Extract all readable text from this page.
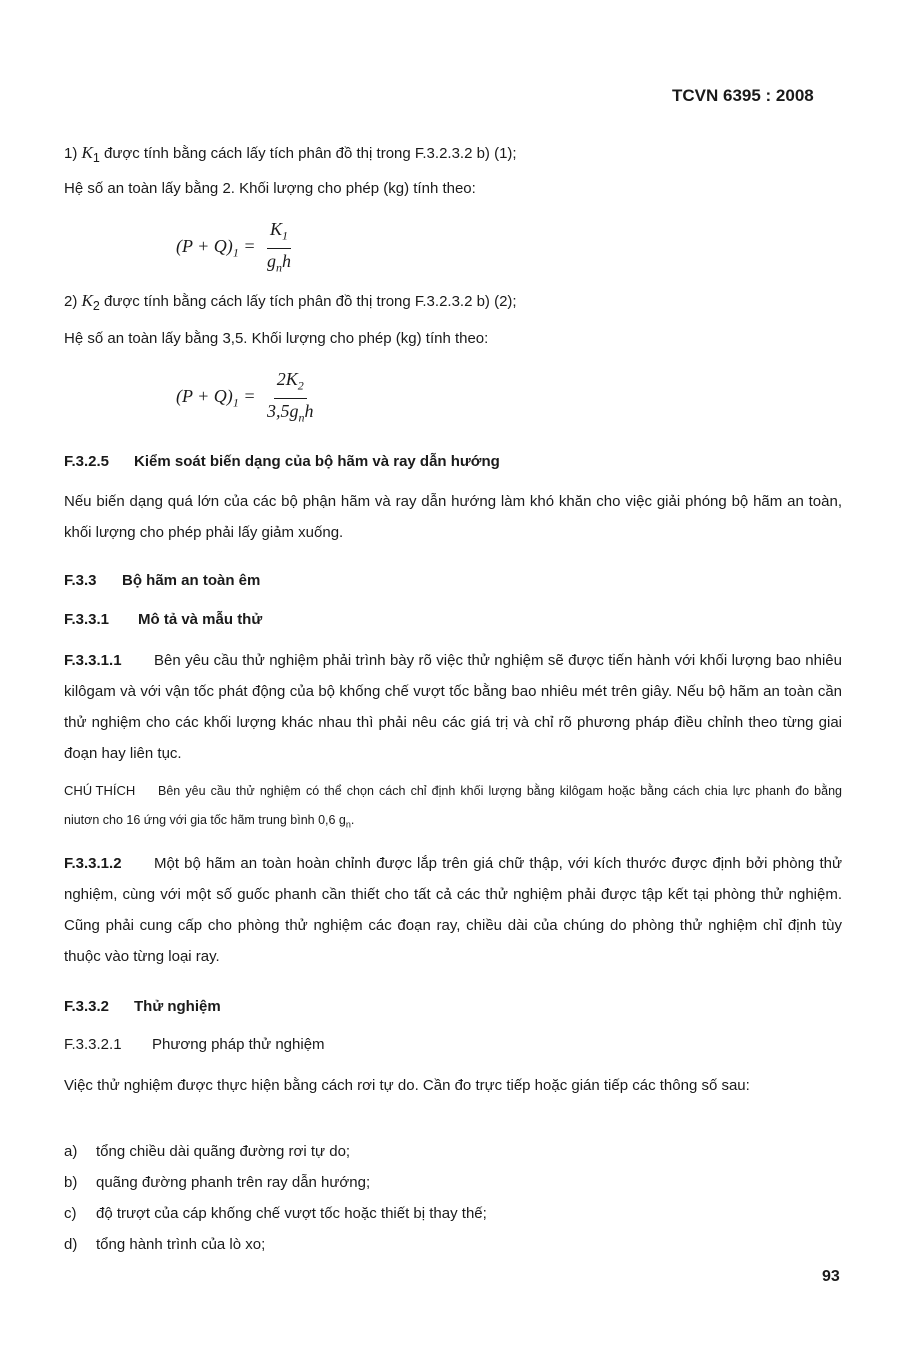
TCVN 6395 : 2008
1) $K_1$ được tính bằng cách lấy tích phân đồ thị trong F.3.2.3.2 b) (1);
Hệ số an toàn lấy bằng 2. Khối lượng cho phép (kg) tính theo:
$(P + Q)_1 = \frac{K_1}{g_nh}$
2) $K_2$ được tính bằng cách lấy tích phân đồ thị trong F.3.2.3.2 b) (2);
Hệ số an toàn lấy bằng 3,5. Khối lượng cho phép (kg) tính theo:
$(P + Q)_1 = \frac{2K_2}{3,5g_nh}$
F.3.2.5 Kiểm soát biến dạng của bộ hãm và ray dẫn hướng
Nếu biến dạng quá lớn của các bộ phận hãm và ray dẫn hướng làm khó khăn cho việc giải phóng bộ hãm an toàn, khối lượng cho phép phải lấy giảm xuống.
F.3.3 Bộ hãm an toàn êm
F.3.3.1 Mô tả và mẫu thử
F.3.3.1.1 Bên yêu cầu thử nghiệm phải trình bày rõ việc thử nghiệm sẽ được tiến hành với khối lượng bao nhiêu kilôgam và với vận tốc phát động của bộ khống chế vượt tốc bằng bao nhiêu mét trên giây. Nếu bộ hãm an toàn cần thử nghiệm cho các khối lượng khác nhau thì phải nêu các giá trị và chỉ rõ phương pháp điều chỉnh theo từng giai đoạn hay liên tục.
CHÚ THÍCH Bên yêu cầu thử nghiệm có thể chọn cách chỉ định khối lượng bằng kilôgam hoặc bằng cách chia lực phanh đo bằng niutơn cho 16 ứng với gia tốc hãm trung bình 0,6 $g_n$.
F.3.3.1.2 Một bộ hãm an toàn hoàn chỉnh được lắp trên giá chữ thập, với kích thước được định bởi phòng thử nghiệm, cùng với một số guốc phanh cần thiết cho tất cả các thử nghiệm phải được tập kết tại phòng thử nghiệm. Cũng phải cung cấp cho phòng thử nghiệm các đoạn ray, chiều dài của chúng do phòng thử nghiệm chỉ định tùy thuộc vào từng loại ray.
F.3.3.2 Thử nghiệm
F.3.3.2.1 Phương pháp thử nghiệm
Việc thử nghiệm được thực hiện bằng cách rơi tự do. Cần đo trực tiếp hoặc gián tiếp các thông số sau:
a) tổng chiều dài quãng đường rơi tự do;
b) quãng đường phanh trên ray dẫn hướng;
c) độ trượt của cáp khống chế vượt tốc hoặc thiết bị thay thế;
d) tổng hành trình của lò xo;
93
